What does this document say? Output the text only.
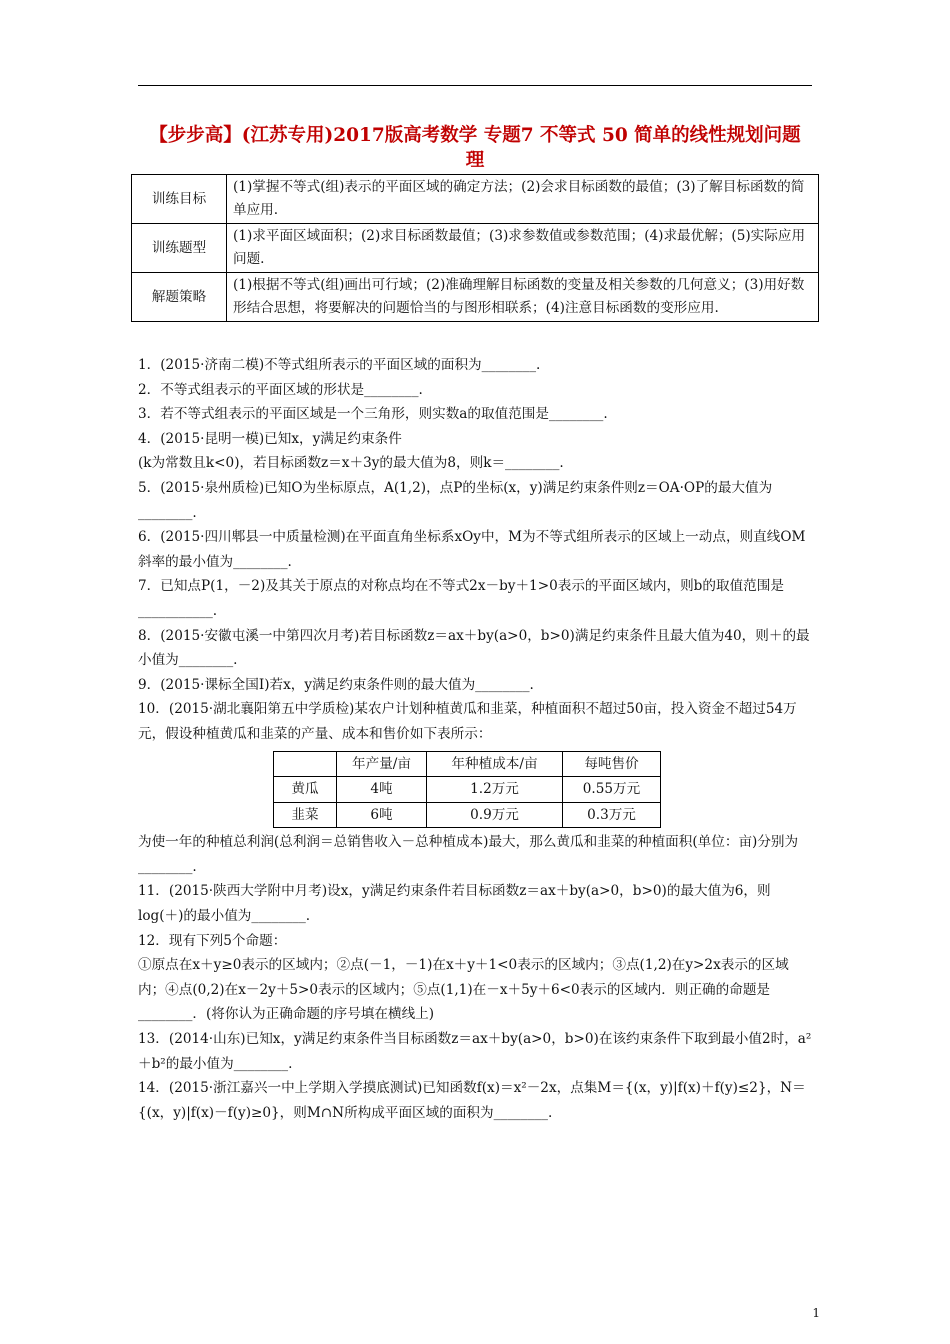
【步步高】(江苏专用)2017版高考数学 专题7 不等式 50 简单的线性规划问题 理
训练目标	(1)掌握不等式(组)表示的平面区域的确定方法；(2)会求目标函数的最值；(3)了解目标函数的简单应用.
训练题型	(1)求平面区域面积；(2)求目标函数最值；(3)求参数值或参数范围；(4)求最优解；(5)实际应用问题.
解题策略	(1)根据不等式(组)画出可行域；(2)准确理解目标函数的变量及相关参数的几何意义；(3)用好数形结合思想，将要解决的问题恰当的与图形相联系；(4)注意目标函数的变形应用.

1．(2015·济南二模)不等式组所表示的平面区域的面积为________.

2．不等式组表示的平面区域的形状是________.

3．若不等式组表示的平面区域是一个三角形，则实数a的取值范围是________.

4．(2015·昆明一模)已知x，y满足约束条件
(k为常数且k<0)，若目标函数z＝x＋3y的最大值为8，则k＝________.

5．(2015·泉州质检)已知O为坐标原点，A(1,2)，点P的坐标(x，y)满足约束条件则z＝OA·OP的最大值为________.

6．(2015·四川郫县一中质量检测)在平面直角坐标系xOy中，M为不等式组所表示的区域上一动点，则直线OM斜率的最小值为________.

7．已知点P(1，－2)及其关于原点的对称点均在不等式2x－by＋1>0表示的平面区域内，则b的取值范围是___________.

8．(2015·安徽屯溪一中第四次月考)若目标函数z＝ax＋by(a>0，b>0)满足约束条件且最大值为40，则＋的最小值为________.

9．(2015·课标全国Ⅰ)若x，y满足约束条件则的最大值为________.

10．(2015·湖北襄阳第五中学质检)某农户计划种植黄瓜和韭菜，种植面积不超过50亩，投入资金不超过54万元，假设种植黄瓜和韭菜的产量、成本和售价如下表所示：

	年产量/亩	年种植成本/亩	每吨售价
黄瓜	4吨	1.2万元	0.55万元
韭菜	6吨	0.9万元	0.3万元

为使一年的种植总利润(总利润＝总销售收入－总种植成本)最大，那么黄瓜和韭菜的种植面积(单位：亩)分别为________.

11．(2015·陕西大学附中月考)设x，y满足约束条件若目标函数z＝ax＋by(a>0，b>0)的最大值为6，则log(＋)的最小值为________.

12．现有下列5个命题：

①原点在x＋y≥0表示的区域内；②点(－1，－1)在x＋y＋1<0表示的区域内；③点(1,2)在y>2x表示的区域内；④点(0,2)在x－2y＋5>0表示的区域内；⑤点(1,1)在－x＋5y＋6<0表示的区域内．则正确的命题是________．(将你认为正确命题的序号填在横线上)

13．(2014·山东)已知x，y满足约束条件当目标函数z＝ax＋by(a>0，b>0)在该约束条件下取到最小值2时，a²＋b²的最小值为________.

14．(2015·浙江嘉兴一中上学期入学摸底测试)已知函数f(x)＝x²－2x，点集M＝{(x，y)|f(x)＋f(y)≤2}，N＝{(x，y)|f(x)－f(y)≥0}，则M∩N所构成平面区域的面积为________.

1
